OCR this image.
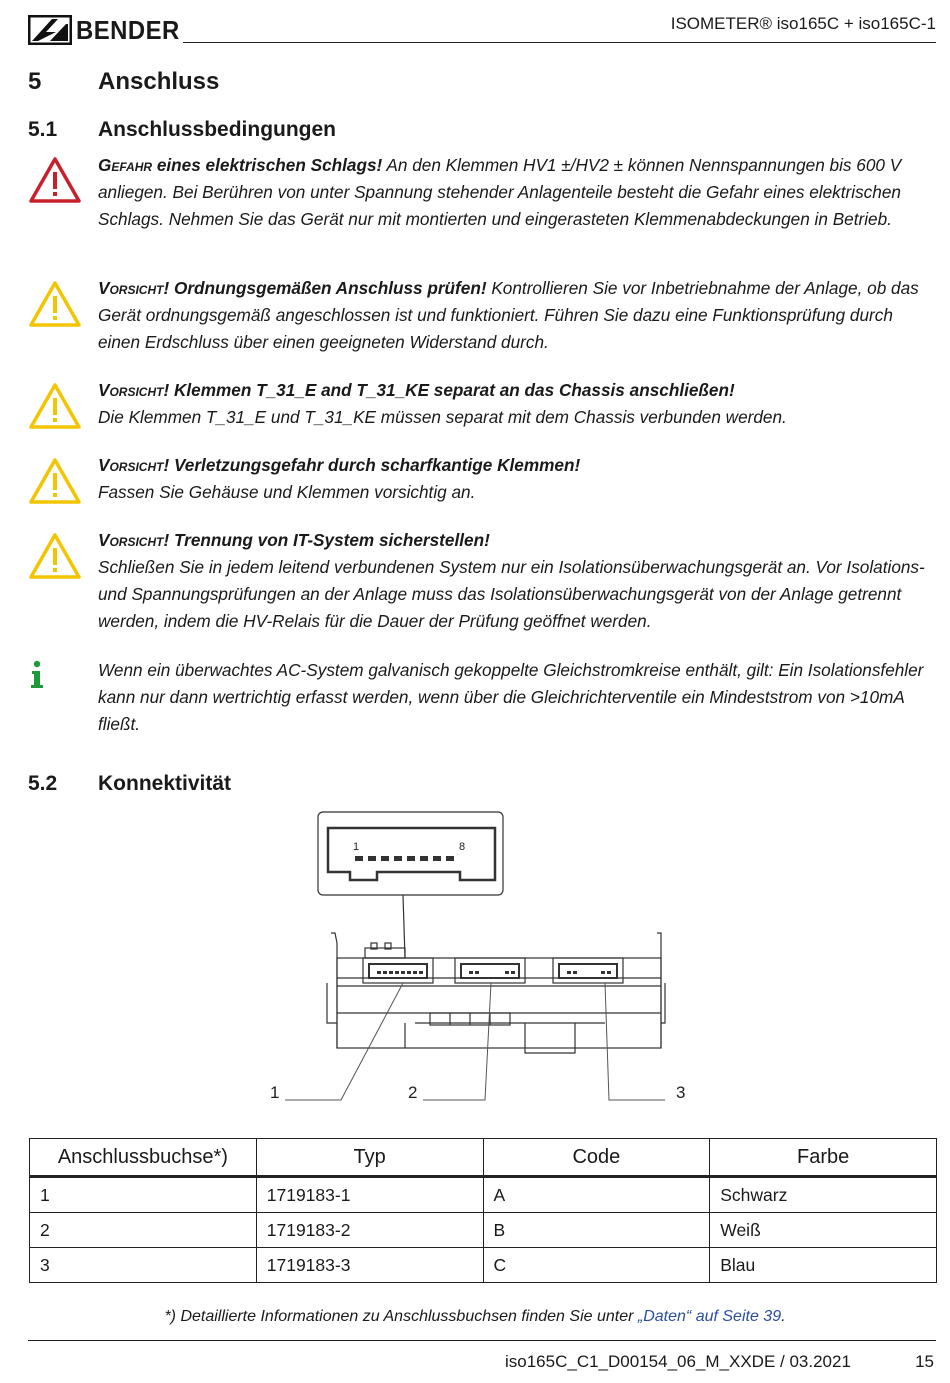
BENDER	ISOMETER® iso165C + iso165C-1
5 Anschluss
5.1 Anschlussbedingungen
Gefahr eines elektrischen Schlags! An den Klemmen HV1 ±/HV2 ± können Nennspannungen bis 600 V anliegen. Bei Berühren von unter Spannung stehender Anlagenteile besteht die Gefahr eines elektrischen Schlags. Nehmen Sie das Gerät nur mit montierten und eingerasteten Klemmenabdeckungen in Betrieb.
Vorsicht! Ordnungsgemäßen Anschluss prüfen! Kontrollieren Sie vor Inbetriebnahme der Anlage, ob das Gerät ordnungsgemäß angeschlossen ist und funktioniert. Führen Sie dazu eine Funktionsprüfung durch einen Erdschluss über einen geeigneten Widerstand durch.
Vorsicht! Klemmen T_31_E and T_31_KE separat an das Chassis anschließen!
Die Klemmen T_31_E und T_31_KE müssen separat mit dem Chassis verbunden werden.
Vorsicht! Verletzungsgefahr durch scharfkantige Klemmen!
Fassen Sie Gehäuse und Klemmen vorsichtig an.
Vorsicht! Trennung von IT-System sicherstellen!
Schließen Sie in jedem leitend verbundenen System nur ein Isolationsüberwachungsgerät an. Vor Isolations- und Spannungsprüfungen an der Anlage muss das Isolationsüberwachungsgerät von der Anlage getrennt werden, indem die HV-Relais für die Dauer der Prüfung geöffnet werden.
Wenn ein überwachtes AC-System galvanisch gekoppelte Gleichstromkreise enthält, gilt: Ein Isolationsfehler kann nur dann wertrichtig erfasst werden, wenn über die Gleichrichterventile ein Mindeststrom von >10mA fließt.
5.2 Konnektivität
1	8
1	2	3
Anschlussbuchse*)	Typ	Code	Farbe
1	1719183-1	A	Schwarz
2	1719183-2	B	Weiß
3	1719183-3	C	Blau
*) Detaillierte Informationen zu Anschlussbuchsen finden Sie unter „Daten“ auf Seite 39.
iso165C_C1_D00154_06_M_XXDE / 03.2021	15
